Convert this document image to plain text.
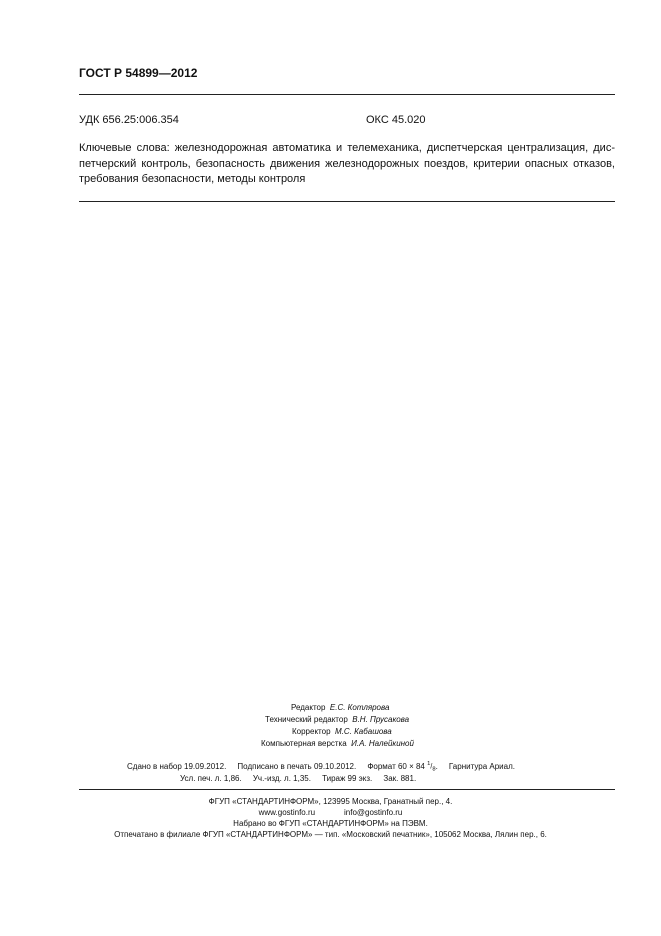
ГОСТ Р 54899—2012
УДК 656.25:006.354	ОКС 45.020
Ключевые слова: железнодорожная автоматика и телемеханика, диспетчерская централизация, дис-
петчерский контроль, безопасность движения железнодорожных поездов, критерии опасных отказов,
требования безопасности, методы контроля
Редактор Е.С. Котлярова
Технический редактор В.Н. Прусакова
Корректор М.С. Кабашова
Компьютерная верстка И.А. Налейкиной
Сдано в набор 19.09.2012. Подписано в печать 09.10.2012. Формат 60 × 84 $^1/_8$.     Гарнитура Ариал.
Усл. печ. л. 1,86. Уч.-изд. л. 1,35. Тираж 99 экз. Зак. 881.
ФГУП «СТАНДАРТИНФОРМ», 123995 Москва, Гранатный пер., 4.
www.gostinfo.ru	info@gostinfo.ru
Набрано во ФГУП «СТАНДАРТИНФОРМ» на ПЭВМ.
Отпечатано в филиале ФГУП «СТАНДАРТИНФОРМ» — тип. «Московский печатник», 105062 Москва, Лялин пер., 6.
